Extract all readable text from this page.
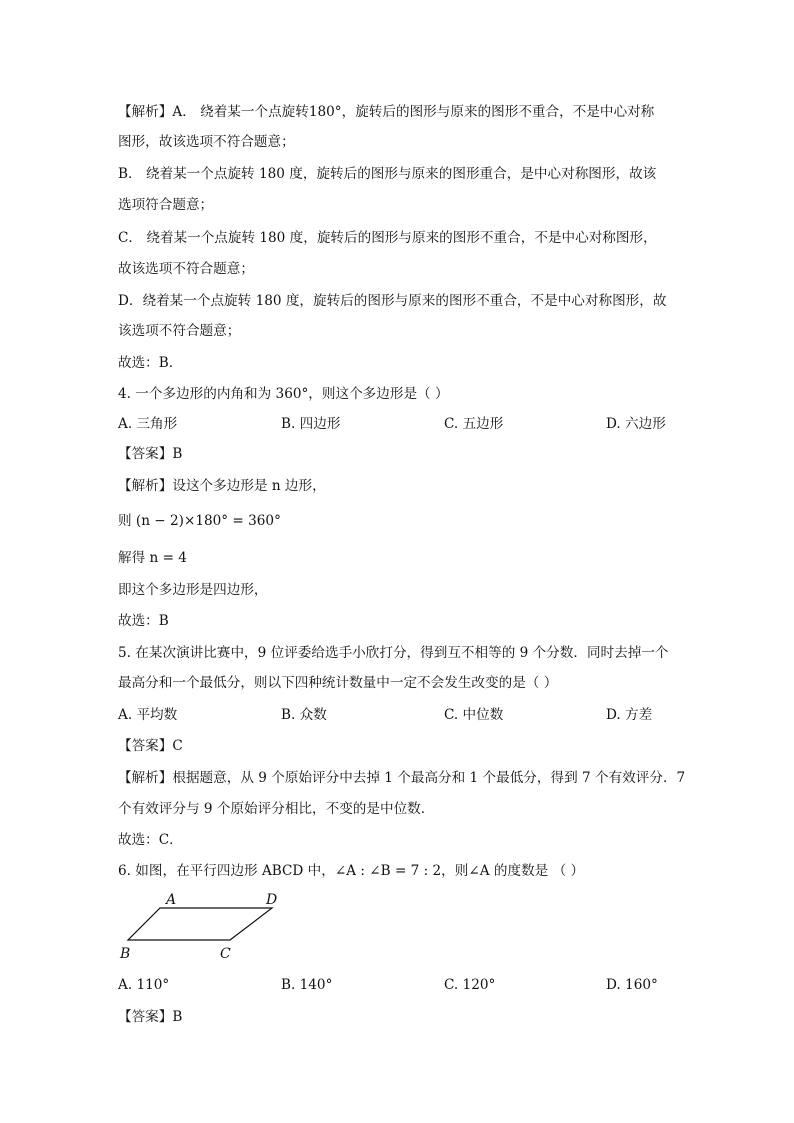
【解析】A． 绕着某一个点旋转180°，旋转后的图形与原来的图形不重合，不是中心对称
图形，故该选项不符合题意；
B． 绕着某一个点旋转 180 度，旋转后的图形与原来的图形重合，是中心对称图形，故该
选项符合题意；
C． 绕着某一个点旋转 180 度，旋转后的图形与原来的图形不重合，不是中心对称图形，
故该选项不符合题意；
D．绕着某一个点旋转 180 度，旋转后的图形与原来的图形不重合，不是中心对称图形，故
该选项不符合题意；
故选：B．
4. 一个多边形的内角和为 360°，则这个多边形是（ ）
A. 三角形	B. 四边形	C. 五边形	D. 六边形
【答案】B
【解析】设这个多边形是 n 边形，
则 (n − 2)×180° = 360°
解得 n = 4
即这个多边形是四边形，
故选：B
5. 在某次演讲比赛中，9 位评委给选手小欣打分，得到互不相等的 9 个分数．同时去掉一个
最高分和一个最低分，则以下四种统计数量中一定不会发生改变的是（ ）
A. 平均数	B. 众数	C. 中位数	D. 方差
【答案】C
【解析】根据题意，从 9 个原始评分中去掉 1 个最高分和 1 个最低分，得到 7 个有效评分．7
个有效评分与 9 个原始评分相比，不变的是中位数．
故选：C．
6. 如图，在平行四边形 ABCD 中，∠A : ∠B = 7 : 2，则∠A 的度数是 （ ）
A	D
B	C
A. 110°	B. 140°	C. 120°	D. 160°
【答案】B
